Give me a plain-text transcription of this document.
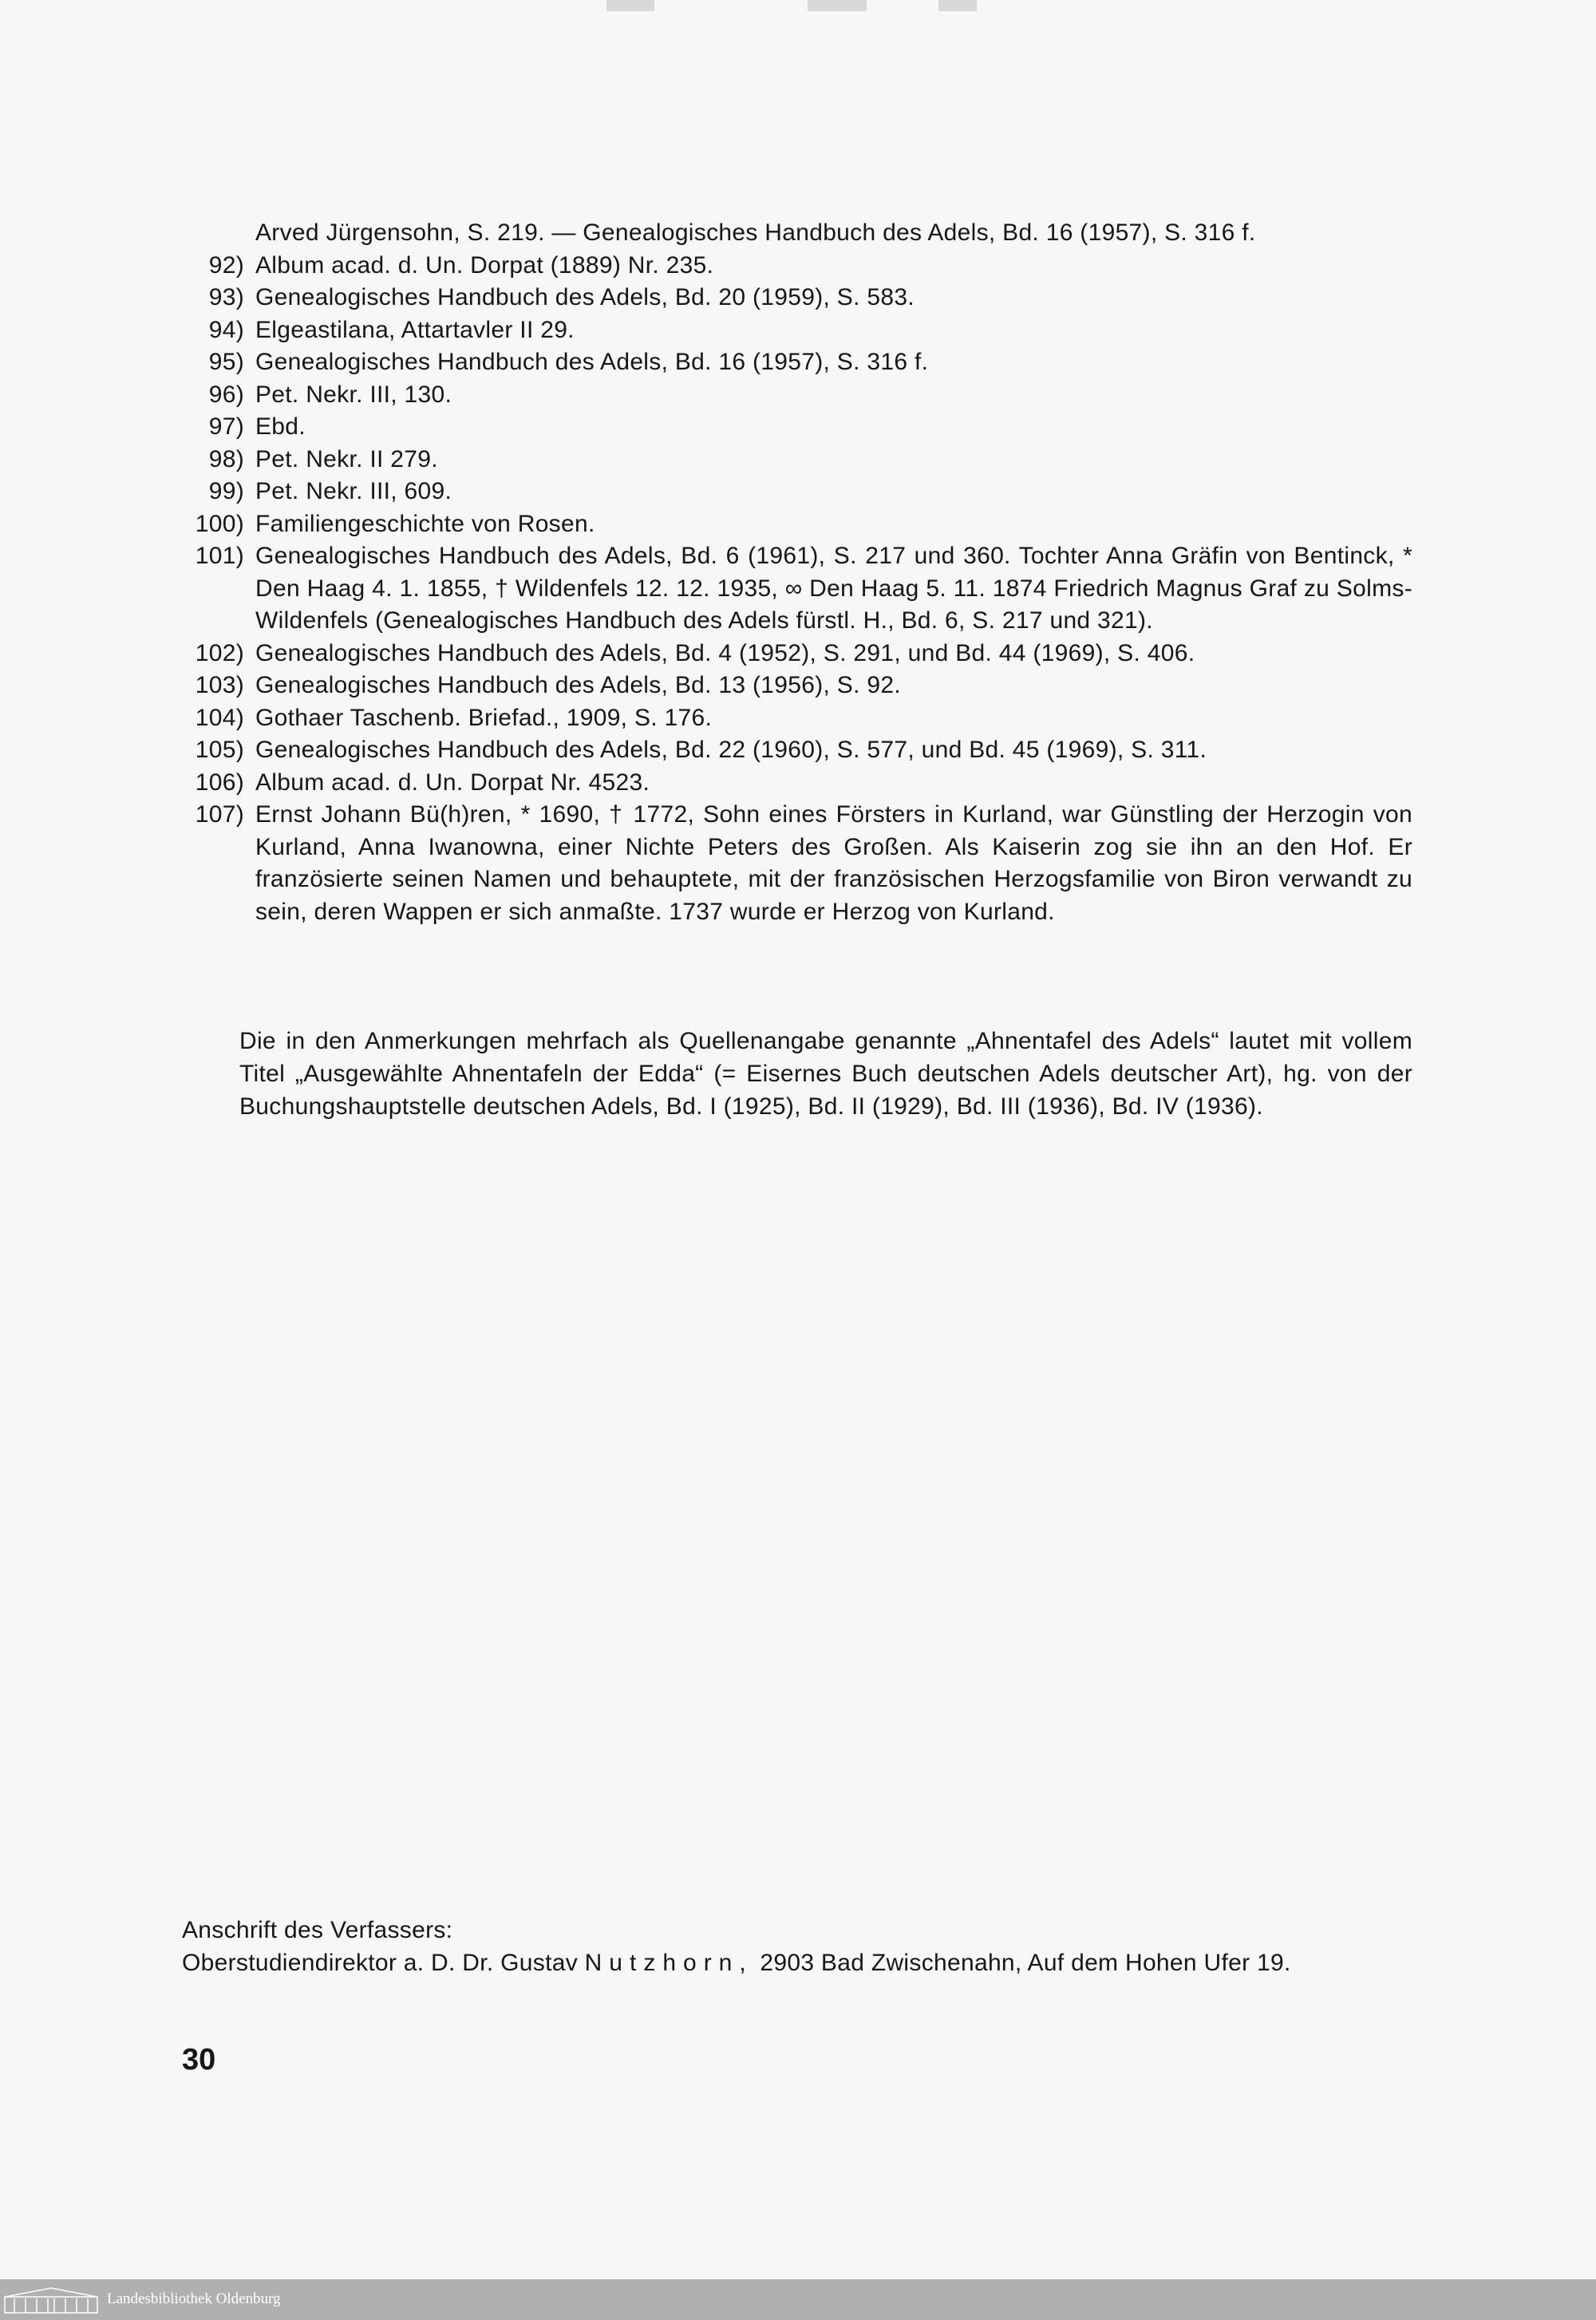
Arved Jürgensohn, S. 219. — Genealogisches Handbuch des Adels, Bd. 16 (1957), S. 316 f.
92) Album acad. d. Un. Dorpat (1889) Nr. 235.
93) Genealogisches Handbuch des Adels, Bd. 20 (1959), S. 583.
94) Elgeastilana, Attartavler II 29.
95) Genealogisches Handbuch des Adels, Bd. 16 (1957), S. 316 f.
96) Pet. Nekr. III, 130.
97) Ebd.
98) Pet. Nekr. II 279.
99) Pet. Nekr. III, 609.
100) Familiengeschichte von Rosen.
101) Genealogisches Handbuch des Adels, Bd. 6 (1961), S. 217 und 360. Tochter Anna Gräfin von Bentinck, * Den Haag 4. 1. 1855, † Wildenfels 12. 12. 1935, ∞ Den Haag 5. 11. 1874 Friedrich Magnus Graf zu Solms-Wildenfels (Genealogisches Handbuch des Adels fürstl. H., Bd. 6, S. 217 und 321).
102) Genealogisches Handbuch des Adels, Bd. 4 (1952), S. 291, und Bd. 44 (1969), S. 406.
103) Genealogisches Handbuch des Adels, Bd. 13 (1956), S. 92.
104) Gothaer Taschenb. Briefad., 1909, S. 176.
105) Genealogisches Handbuch des Adels, Bd. 22 (1960), S. 577, und Bd. 45 (1969), S. 311.
106) Album acad. d. Un. Dorpat Nr. 4523.
107) Ernst Johann Bü(h)ren, * 1690, † 1772, Sohn eines Försters in Kurland, war Günstling der Herzogin von Kurland, Anna Iwanowna, einer Nichte Peters des Großen. Als Kaiserin zog sie ihn an den Hof. Er französierte seinen Namen und behauptete, mit der französischen Herzogsfamilie von Biron verwandt zu sein, deren Wappen er sich anmaßte. 1737 wurde er Herzog von Kurland.

Die in den Anmerkungen mehrfach als Quellenangabe genannte „Ahnentafel des Adels“ lautet mit vollem Titel „Ausgewählte Ahnentafeln der Edda“ (= Eisernes Buch deutschen Adels deutscher Art), hg. von der Buchungshauptstelle deutschen Adels, Bd. I (1925), Bd. II (1929), Bd. III (1936), Bd. IV (1936).

Anschrift des Verfassers:

Oberstudiendirektor a. D. Dr. Gustav Nutzhorn, 2903 Bad Zwischenahn, Auf dem Hohen Ufer 19.

30
Landesbibliothek Oldenburg
